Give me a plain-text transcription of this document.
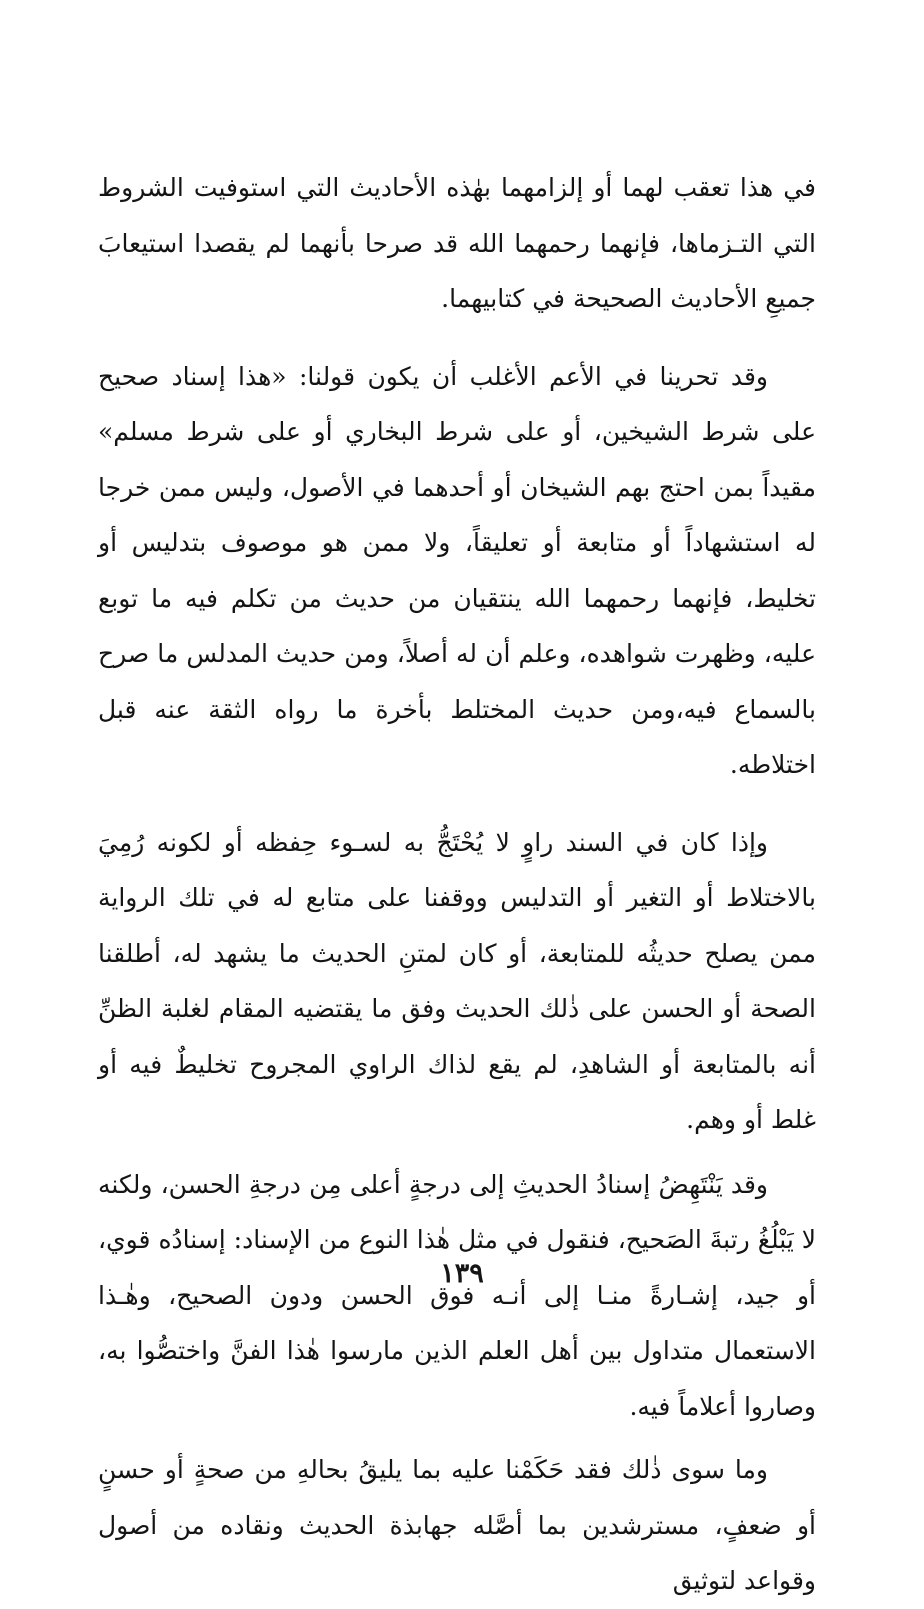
في هذا تعقب لهما أو إلزامهما بهٰذه الأحاديث التي استوفيت الشروط التي التـزماها، فإنهما رحمهما الله قد صرحا بأنهما لم يقصدا استيعابَ جميعِ الأحاديث الصحيحة في كتابيهما.

وقد تحرينا في الأعم الأغلب أن يكون قولنا: «هذا إسناد صحيح على شرط الشيخين، أو على شرط البخاري أو على شرط مسلم» مقيداً بمن احتج بهم الشيخان أو أحدهما في الأصول، وليس ممن خرجا له استشهاداً أو متابعة أو تعليقاً، ولا ممن هو موصوف بتدليس أو تخليط، فإنهما رحمهما الله ينتقيان من حديث من تكلم فيه ما توبع عليه، وظهرت شواهده، وعلم أن له أصلاً، ومن حديث المدلس ما صرح بالسماع فيه،ومن حديث المختلط بأخرة ما رواه الثقة عنه قبل اختلاطه.

وإذا كان في السند راوٍ لا يُحْتَجُّ به لسـوء حِفظه أو لكونه رُمِيَ بالاختلاط أو التغير أو التدليس ووقفنا على متابع له في تلك الرواية ممن يصلح حديثُه للمتابعة، أو كان لمتنِ الحديث ما يشهد له، أطلقنا الصحة أو الحسن على ذٰلك الحديث وفق ما يقتضيه المقام لغلبة الظنِّ أنه بالمتابعة أو الشاهدِ، لم يقع لذاك الراوي المجروح تخليطٌ فيه أو غلط أو وهم.

وقد يَنْتَهِضُ إسنادُ الحديثِ إلى درجةٍ أعلى مِن درجةِ الحسن، ولكنه لا يَبْلُغُ رتبةَ الصَحيح، فنقول في مثل هٰذا النوع من الإسناد: إسنادُه قوي، أو جيد، إشـارةً منـا إلى أنـه فوق الحسن ودون الصحيح، وهٰـذا الاستعمال متداول بين أهل العلم الذين مارسوا هٰذا الفنَّ واختصُّوا به، وصاروا أعلاماً فيه.

وما سوى ذٰلك فقد حَكَمْنا عليه بما يليقُ بحالهِ من صحةٍ أو حسنٍ أو ضعفٍ، مسترشدين بما أصَّله جهابذة الحديث ونقاده من أصول وقواعد لتوثيق

١٣٩
